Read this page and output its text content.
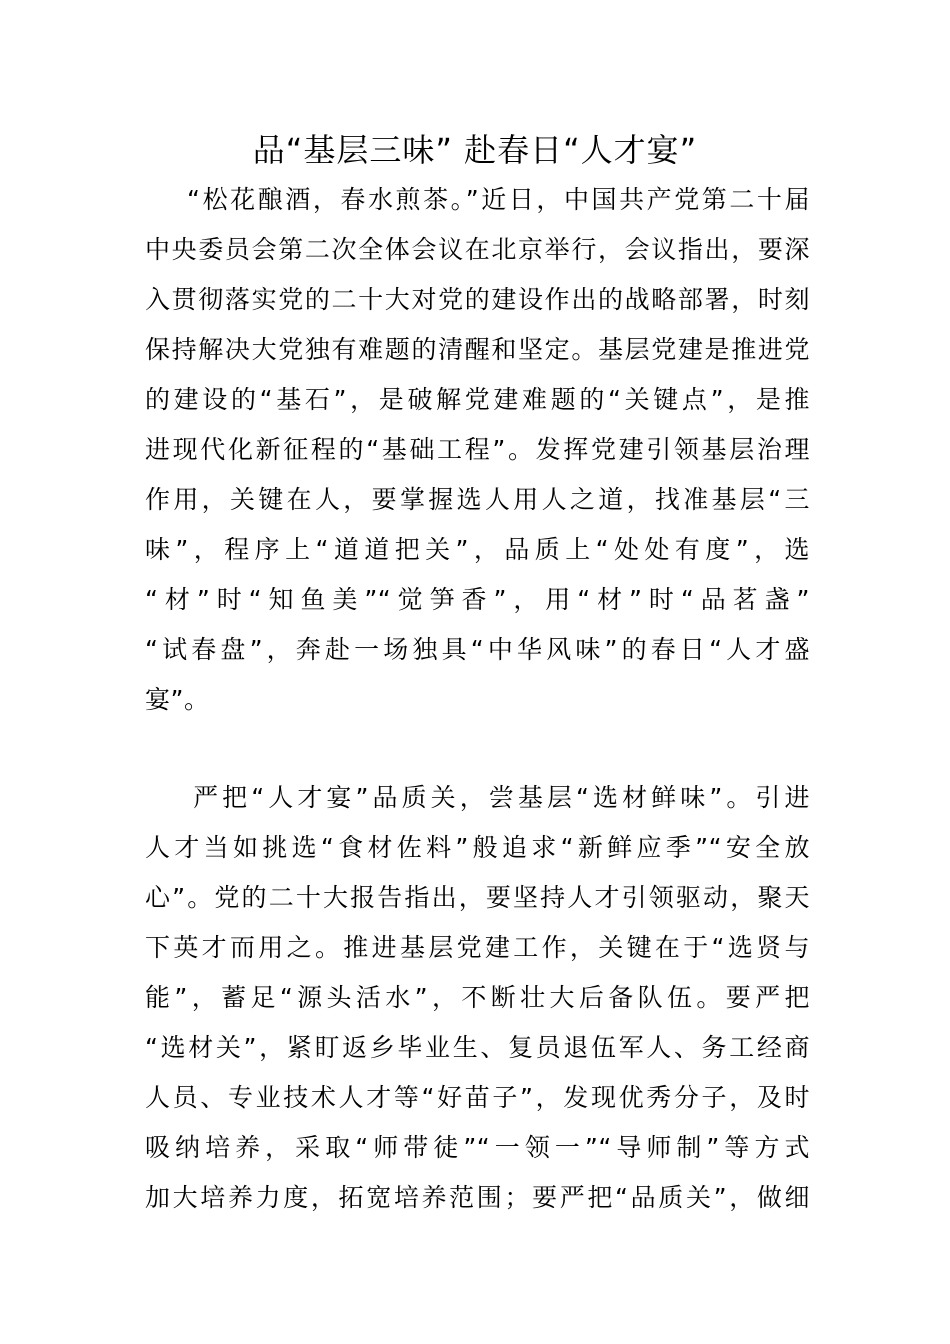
品“基层三味” 赴春日“人才宴”
“松花酿酒，春水煎茶。”近日，中国共产党第二十届
中央委员会第二次全体会议在北京举行，会议指出，要深
入贯彻落实党的二十大对党的建设作出的战略部署，时刻
保持解决大党独有难题的清醒和坚定。基层党建是推进党
的建设的“基石”，是破解党建难题的“关键点”，是推
进现代化新征程的“基础工程”。发挥党建引领基层治理
作用，关键在人，要掌握选人用人之道，找准基层“三
味”，程序上“道道把关”，品质上“处处有度”，选
“材”时“知鱼美”“觉笋香”，用“材”时“品茗盏”
“试春盘”，奔赴一场独具“中华风味”的春日“人才盛
宴”。
严把“人才宴”品质关，尝基层“选材鲜味”。引进
人才当如挑选“食材佐料”般追求“新鲜应季”“安全放
心”。党的二十大报告指出，要坚持人才引领驱动，聚天
下英才而用之。推进基层党建工作，关键在于“选贤与
能”，蓄足“源头活水”，不断壮大后备队伍。要严把
“选材关”，紧盯返乡毕业生、复员退伍军人、务工经商
人员、专业技术人才等“好苗子”，发现优秀分子，及时
吸纳培养，采取“师带徒”“一领一”“导师制”等方式
加大培养力度，拓宽培养范围；要严把“品质关”，做细
